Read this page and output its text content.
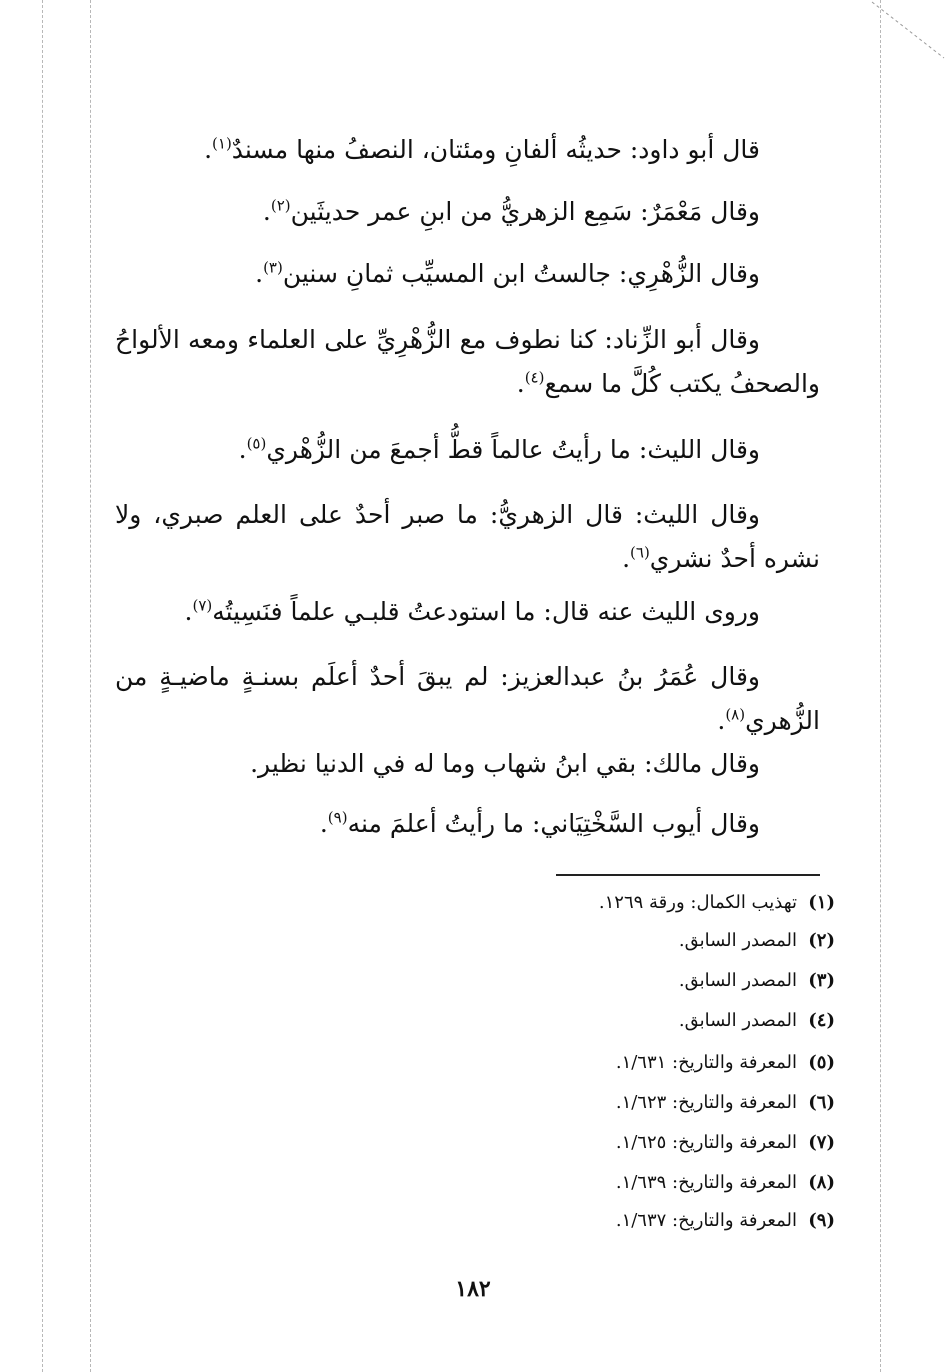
قال أبو داود: حديثُه ألفانِ ومئتان، النصفُ منها مسندٌ$^{(١)}$.
وقال مَعْمَرٌ: سَمِع الزهريُّ من ابنِ عمر حديثَين$^{(٢)}$.
وقال الزُّهْرِي: جالستُ ابن المسيِّب ثمانِ سنين$^{(٣)}$.
وقال أبو الزِّناد: كنا نطوف مع الزُّهْرِيِّ على العلماء ومعه الألواحُ والصحفُ يكتب كُلَّ ما سمع$^{(٤)}$.
وقال الليث: ما رأيتُ عالماً قطُّ أجمعَ من الزُّهْري$^{(٥)}$.
وقال الليث: قال الزهريُّ: ما صبر أحدٌ على العلم صبري، ولا نشره أحدٌ نشري$^{(٦)}$.
وروى الليث عنه قال: ما استودعتُ قلبـي علماً فنَسِيتُه$^{(٧)}$.
وقال عُمَرُ بنُ عبدالعزيز: لم يبقَ أحدٌ أعلَم بسنـةٍ ماضيـةٍ من الزُّهري$^{(٨)}$.
وقال مالك: بقي ابنُ شهاب وما له في الدنيا نظير.
وقال أيوب السَّخْتِيَاني: ما رأيتُ أعلمَ منه$^{(٩)}$.
(١)تهذيب الكمال: ورقة ١٢٦٩.
(٢)المصدر السابق.
(٣)المصدر السابق.
(٤)المصدر السابق.
(٥)المعرفة والتاريخ: ١/٦٣١.
(٦)المعرفة والتاريخ: ١/٦٢٣.
(٧)المعرفة والتاريخ: ١/٦٢٥.
(٨)المعرفة والتاريخ: ١/٦٣٩.
(٩)المعرفة والتاريخ: ١/٦٣٧.
١٨٢
